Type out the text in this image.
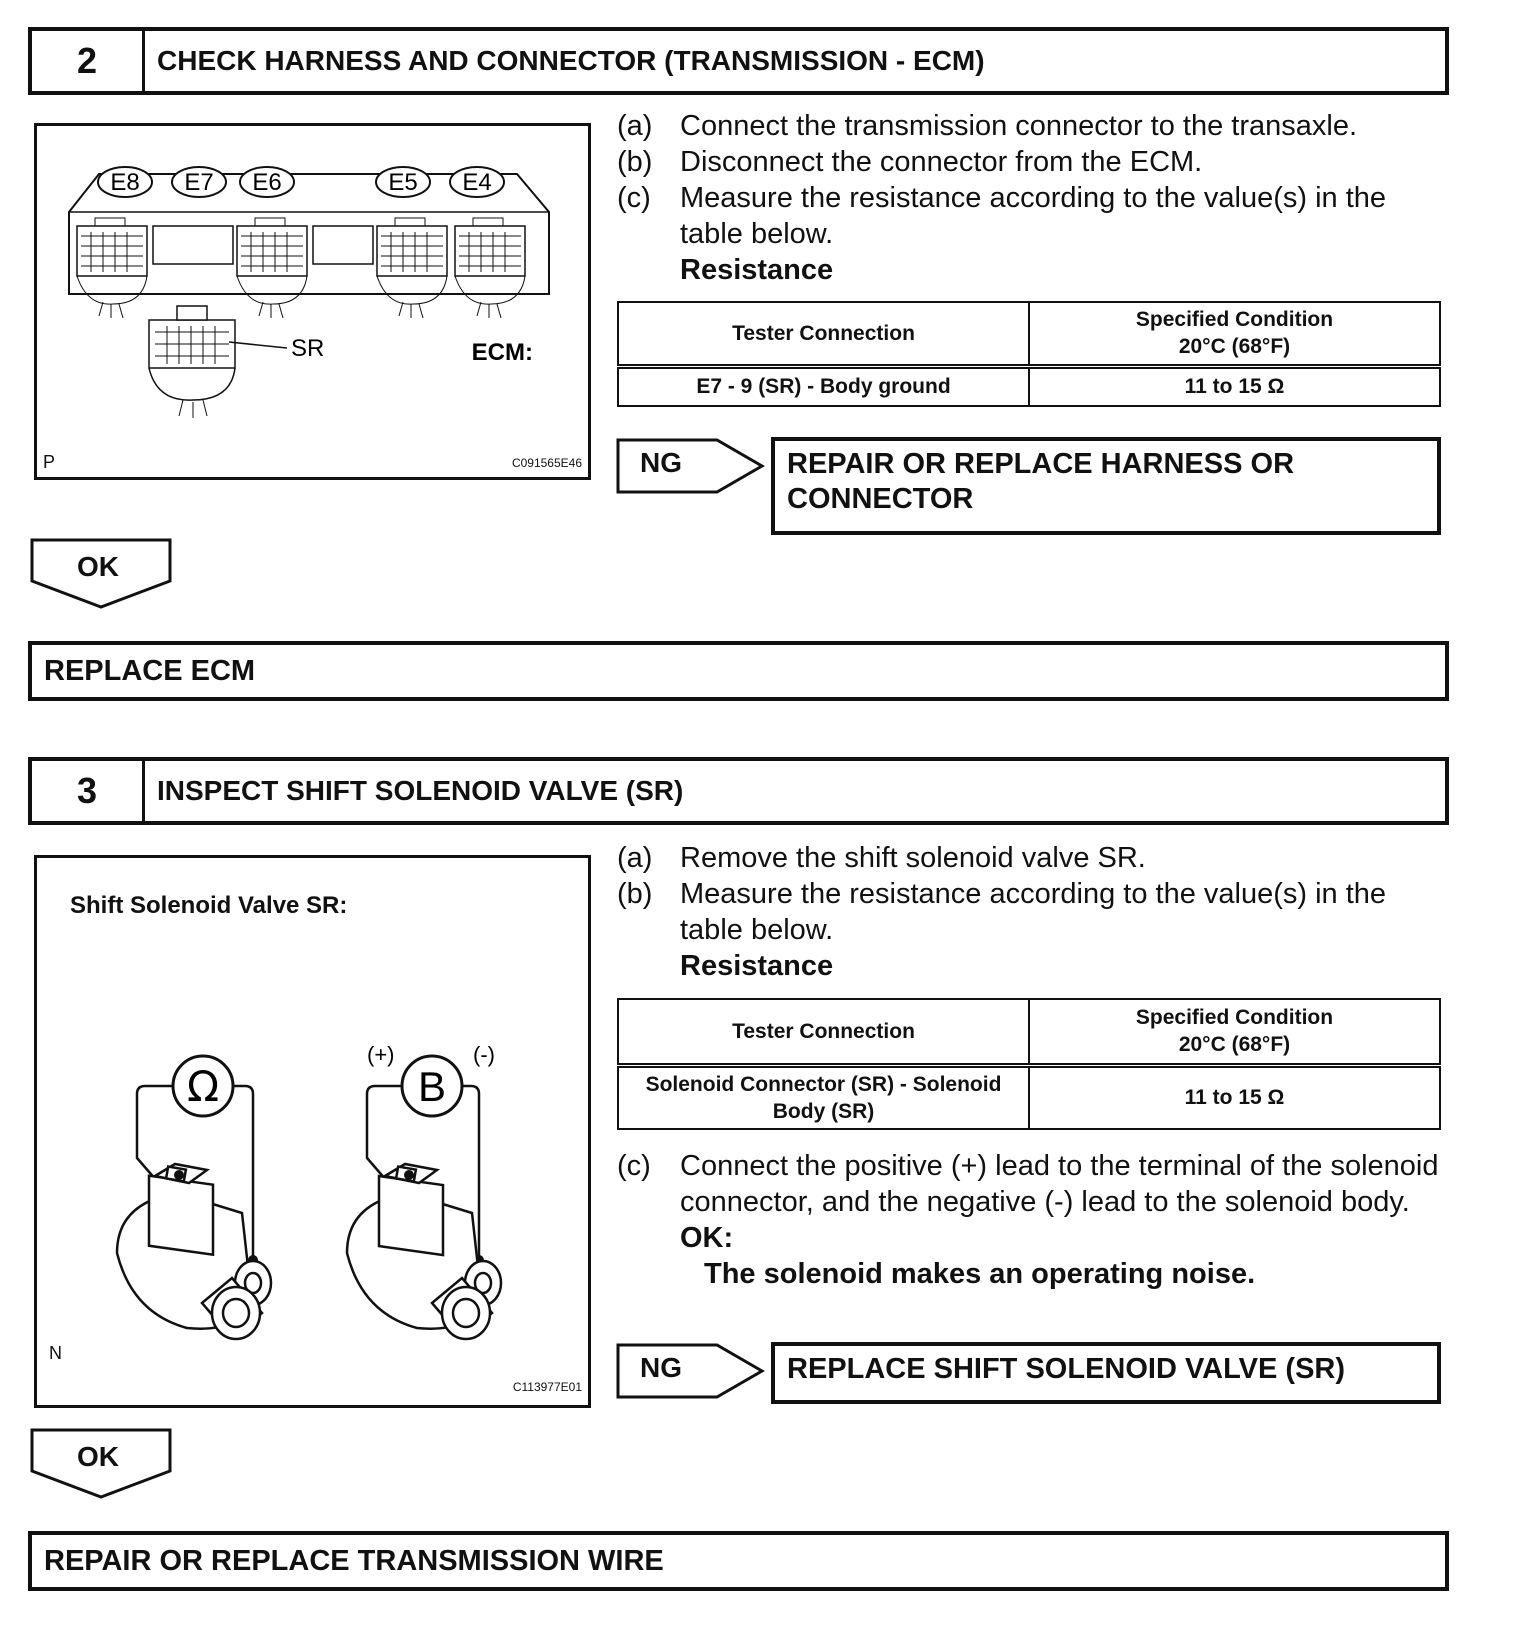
2	CHECK HARNESS AND CONNECTOR (TRANSMISSION - ECM)
E8 E7 E6	E5 E4
SR	ECM:
P	C091565E46
(a) Connect the transmission connector to the transaxle.
(b) Disconnect the connector from the ECM.
(c)	Measure the resistance according to the value(s) in the table below.
Resistance
Tester Connection	Specified Condition
20°C (68°F)
E7 - 9 (SR) - Body ground	11 to 15 Ω
NG	REPAIR OR REPLACE HARNESS OR CONNECTOR
OK
REPLACE ECM
3	INSPECT SHIFT SOLENOID VALVE (SR)
Shift Solenoid Valve SR:
Ω	B
(+)	(-)
N
C113977E01
(a) Remove the shift solenoid valve SR.
(b) Measure the resistance according to the value(s) in the table below.
Resistance
Tester Connection	Specified Condition
20°C (68°F)
Solenoid Connector (SR) - Solenoid Body (SR)	11 to 15 Ω
(c)	Connect the positive (+) lead to the terminal of the solenoid connector, and the negative (-) lead to the solenoid body.
OK:
The solenoid makes an operating noise.
NG	REPLACE SHIFT SOLENOID VALVE (SR)
OK
REPAIR OR REPLACE TRANSMISSION WIRE
